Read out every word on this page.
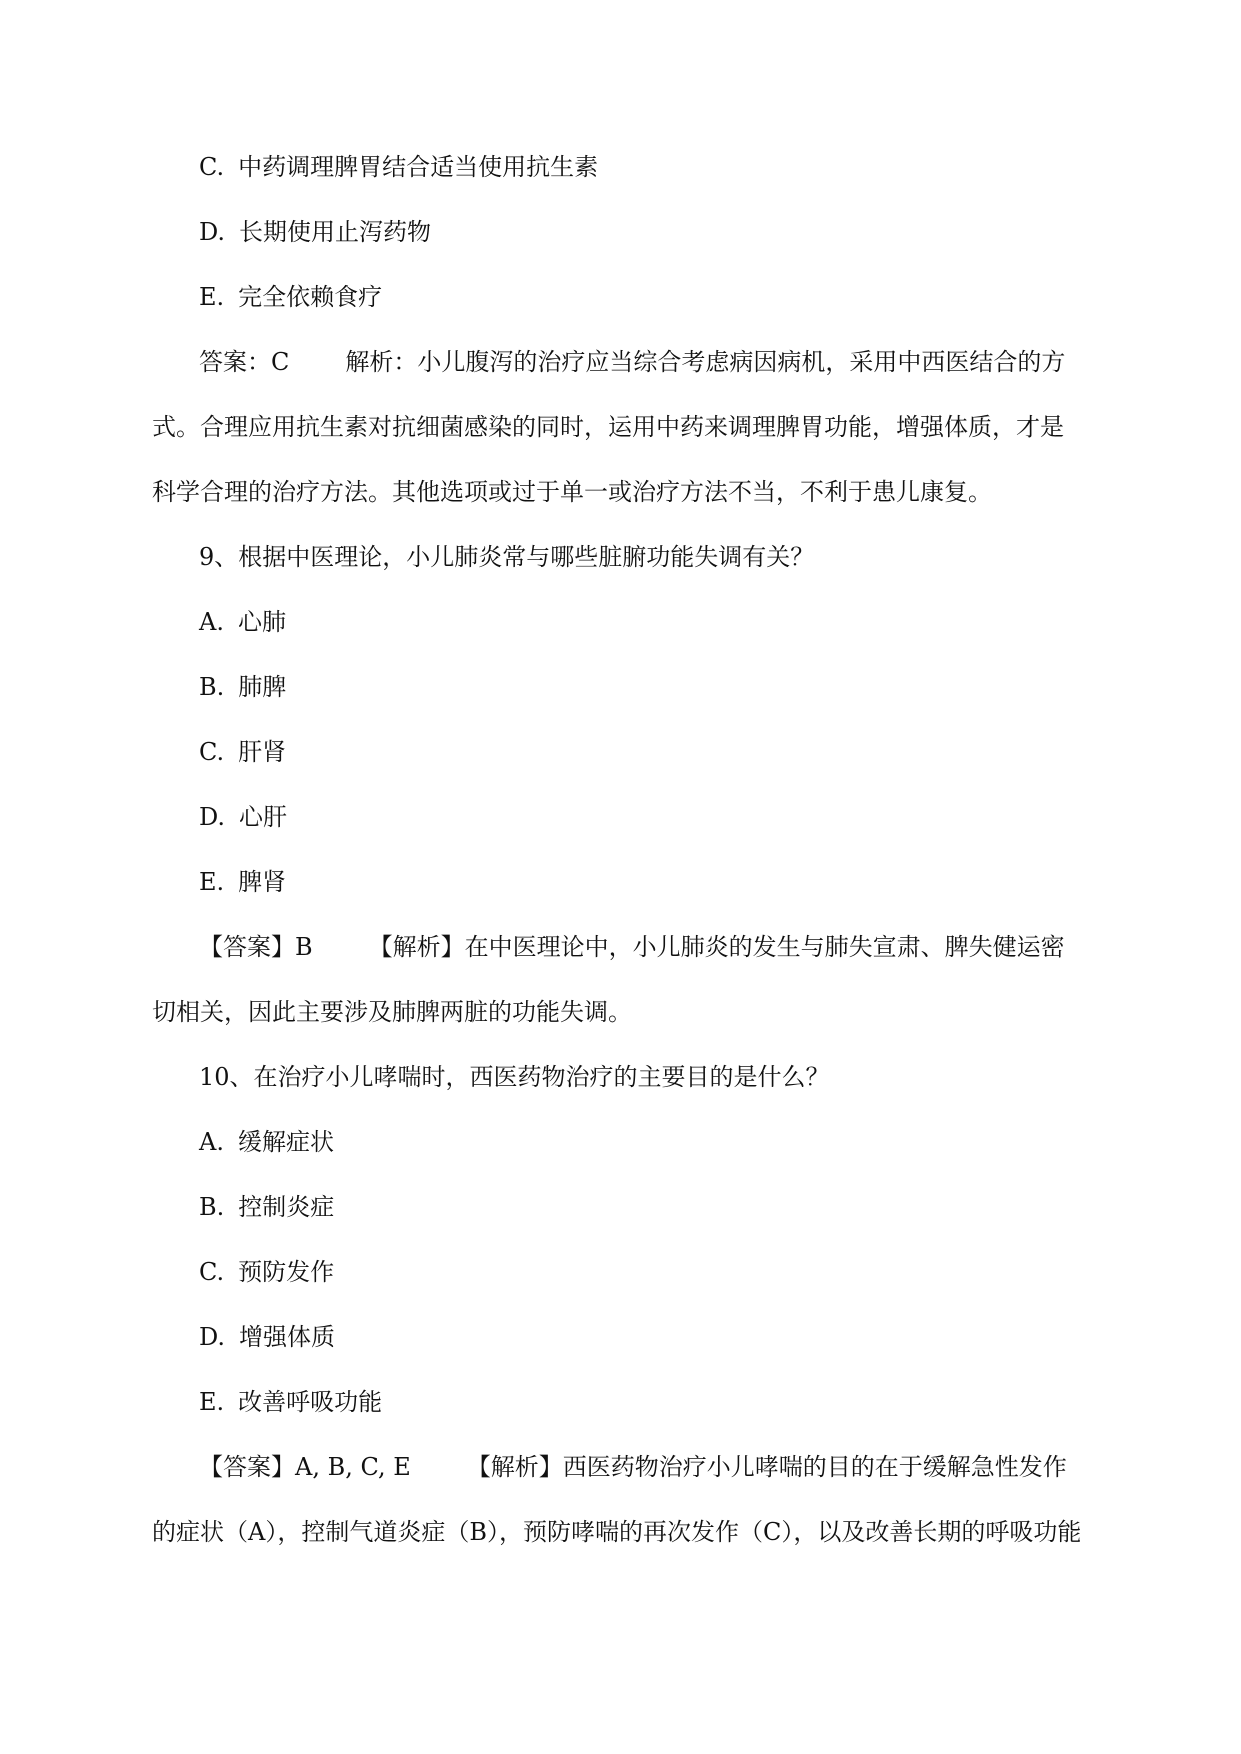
C. 中药调理脾胃结合适当使用抗生素
D. 长期使用止泻药物
E. 完全依赖食疗
答案：C 解析：小儿腹泻的治疗应当综合考虑病因病机，采用中西医结合的方
式。合理应用抗生素对抗细菌感染的同时，运用中药来调理脾胃功能，增强体质，才是
科学合理的治疗方法。其他选项或过于单一或治疗方法不当，不利于患儿康复。
9、根据中医理论，小儿肺炎常与哪些脏腑功能失调有关？
A. 心肺
B. 肺脾
C. 肝肾
D. 心肝
E. 脾肾
【答案】B 【解析】在中医理论中，小儿肺炎的发生与肺失宣肃、脾失健运密
切相关，因此主要涉及肺脾两脏的功能失调。
10、在治疗小儿哮喘时，西医药物治疗的主要目的是什么？
A. 缓解症状
B. 控制炎症
C. 预防发作
D. 增强体质
E. 改善呼吸功能
【答案】A, B, C, E 【解析】西医药物治疗小儿哮喘的目的在于缓解急性发作
的症状（A），控制气道炎症（B），预防哮喘的再次发作（C），以及改善长期的呼吸功能
